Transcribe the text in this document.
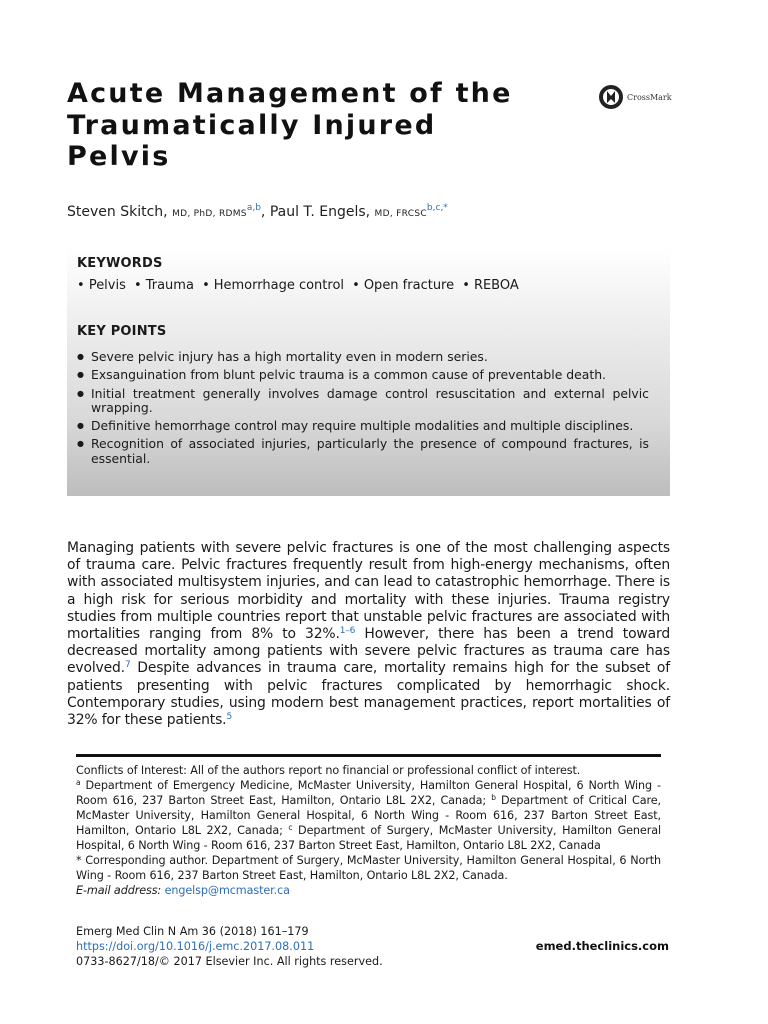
Acute Management of the
Traumatically Injured
Pelvis
CrossMark
Steven Skitch, MD, PhD, RDMS$^{a,b}$, Paul T. Engels, MD, $FRCSC^{b,c,*}$
KEYWORDS
• Pelvis • Trauma • Hemorrhage control • Open fracture • REBOA
KEY POINTS
● Severe pelvic injury has a high mortality even in modern series.
● Exsanguination from blunt pelvic trauma is a common cause of preventable death.
● Initial treatment generally involves damage control resuscitation and external pelvic wrapping.
● Definitive hemorrhage control may require multiple modalities and multiple disciplines.
● Recognition of associated injuries, particularly the presence of compound fractures, is essential.

Managing patients with severe pelvic fractures is one of the most challenging aspects of trauma care. Pelvic fractures frequently result from high-energy mechanisms, often with associated multisystem injuries, and can lead to catastrophic hemorrhage. There is a high risk for serious morbidity and mortality with these injuries. Trauma registry studies from multiple countries report that unstable pelvic fractures are associated with mortalities ranging from 8% to 32%.$^{1-6}$ However, there has been a trend toward decreased mortality among patients with severe pelvic fractures as trauma care has evolved.$^7$ Despite advances in trauma care, mortality remains high for the subset of patients presenting with pelvic fractures complicated by hemorrhagic shock. Contemporary studies, using modern best management practices, report mortalities of 32% for these patients.$^5$

Conflicts of Interest: All of the authors report no financial or professional conflict of interest.

$^a$ Department of Emergency Medicine, McMaster University, Hamilton General Hospital, 6 North Wing - Room 616, 237 Barton Street East, Hamilton, Ontario L8L 2X2, Canada; $^b$ Department of Critical Care, McMaster University, Hamilton General Hospital, 6 North Wing - Room 616, 237 Barton Street East, Hamilton, Ontario L8L 2X2, Canada; $^c$ Department of Surgery, McMaster University, Hamilton General Hospital, 6 North Wing - Room 616, 237 Barton Street East, Hamilton, Ontario L8L 2X2, Canada

* Corresponding author. Department of Surgery, McMaster University, Hamilton General Hospital, 6 North Wing - Room 616, 237 Barton Street East, Hamilton, Ontario L8L 2X2, Canada.

E-mail address: engelsp@mcmaster.ca

Emerg Med Clin N Am 36 (2018) 161–179
https://doi.org/10.1016/j.emc.2017.08.011
0733-8627/18/© 2017 Elsevier Inc. All rights reserved.
emed.theclinics.com
